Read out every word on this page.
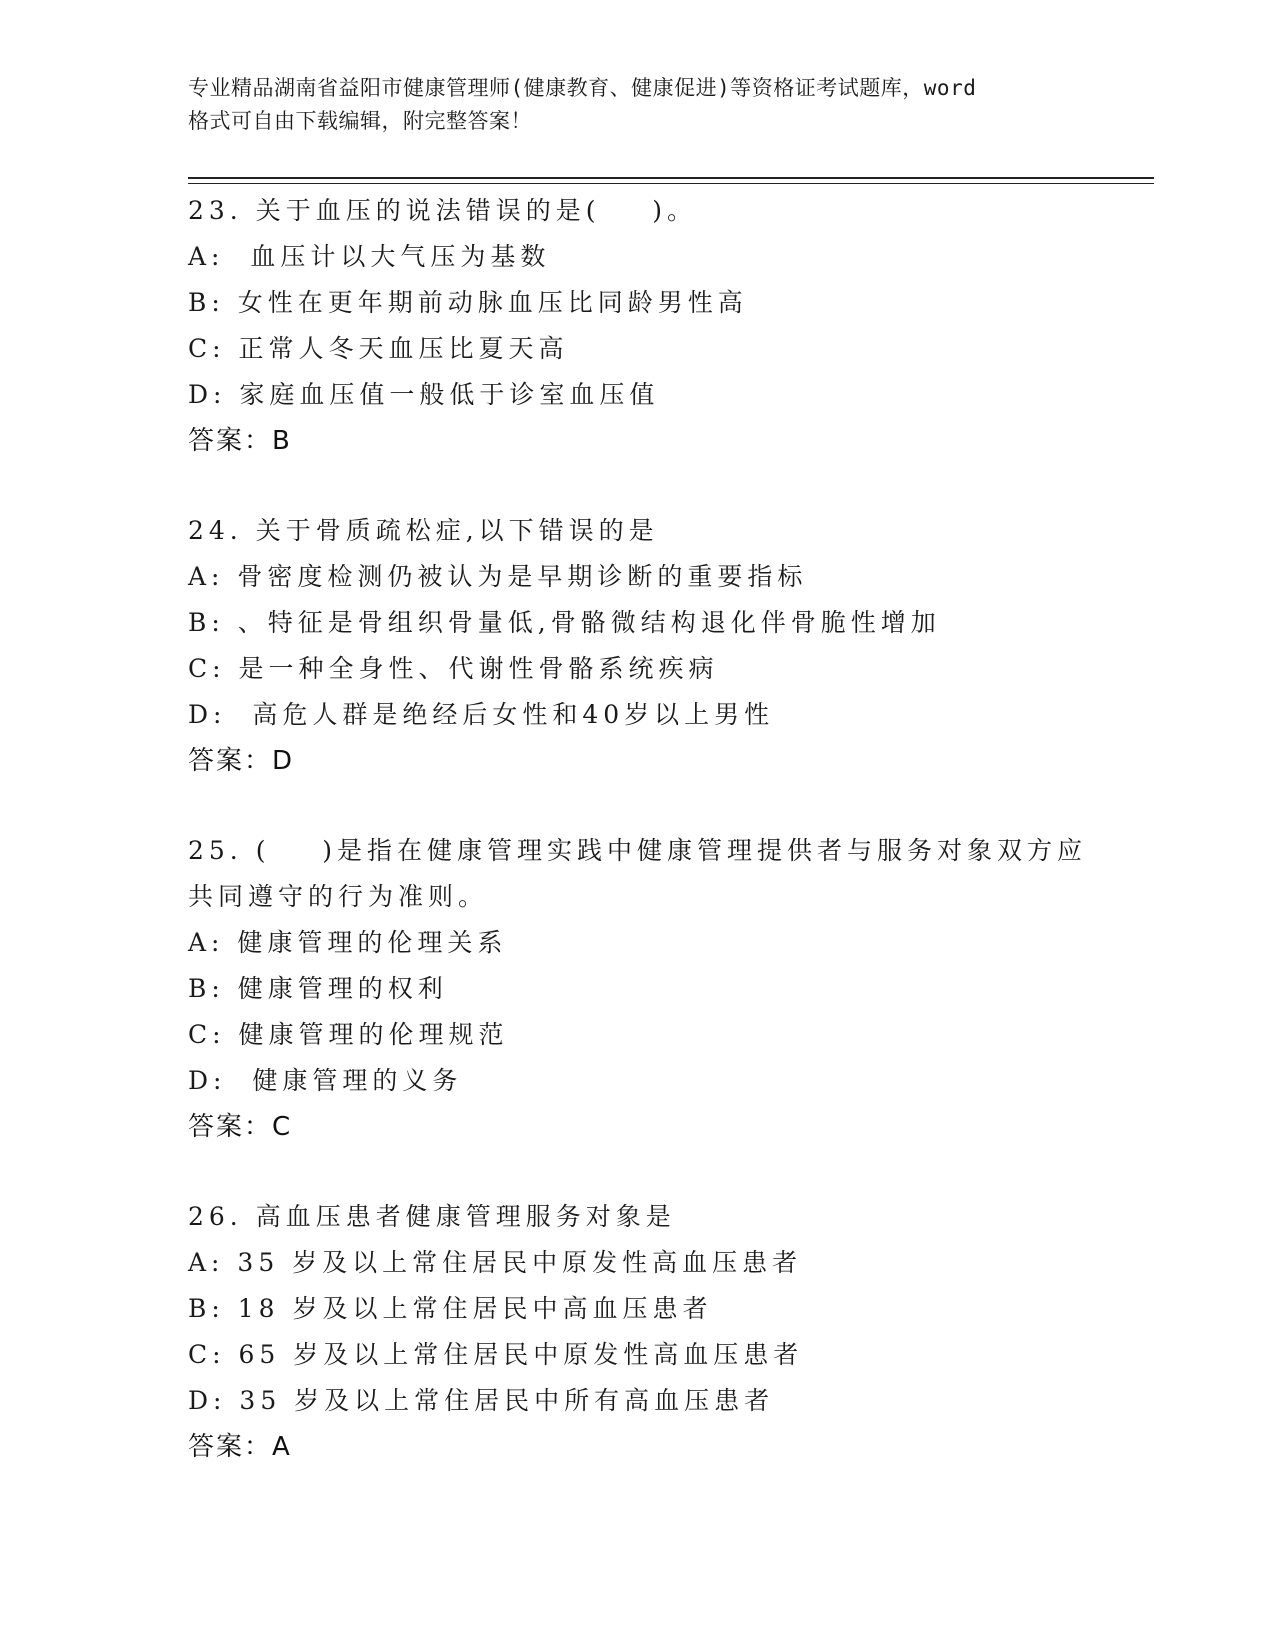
专业精品湖南省益阳市健康管理师(健康教育、健康促进)等资格证考试题库，word
格式可自由下载编辑，附完整答案！
23. 关于血压的说法错误的是(    )。
A:  血压计以大气压为基数
B: 女性在更年期前动脉血压比同龄男性高
C: 正常人冬天血压比夏天高
D: 家庭血压值一般低于诊室血压值
答案：B
24. 关于骨质疏松症,以下错误的是
A: 骨密度检测仍被认为是早期诊断的重要指标
B: 、特征是骨组织骨量低,骨骼微结构退化伴骨脆性增加
C: 是一种全身性、代谢性骨骼系统疾病
D:  高危人群是绝经后女性和40岁以上男性
答案：D
25. (    )是指在健康管理实践中健康管理提供者与服务对象双方应
共同遵守的行为准则。
A: 健康管理的伦理关系
B: 健康管理的权利
C: 健康管理的伦理规范
D:  健康管理的义务
答案：C
26. 高血压患者健康管理服务对象是
A: 35 岁及以上常住居民中原发性高血压患者
B: 18 岁及以上常住居民中高血压患者
C: 65 岁及以上常住居民中原发性高血压患者
D: 35 岁及以上常住居民中所有高血压患者
答案：A
